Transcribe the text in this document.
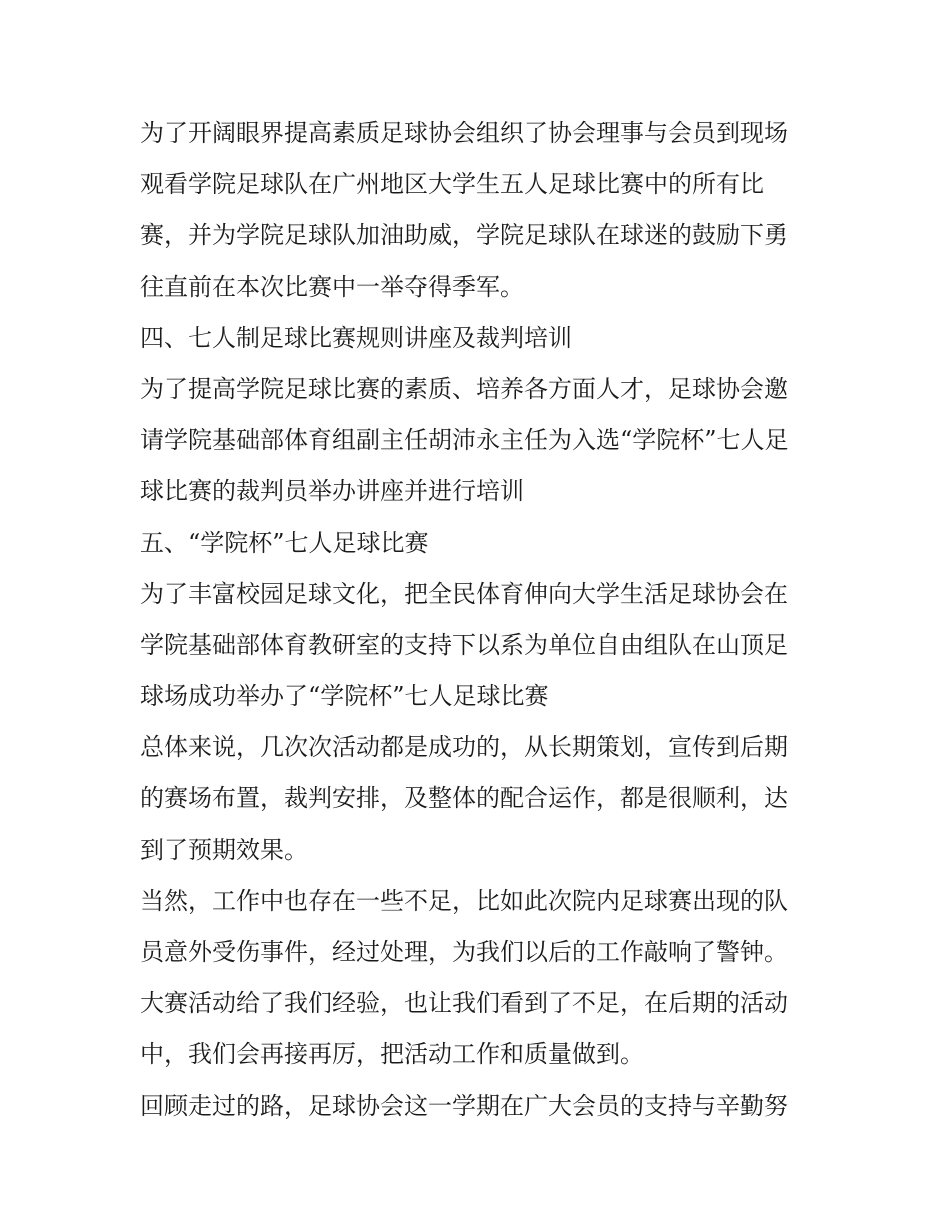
为了开阔眼界提高素质足球协会组织了协会理事与会员到现场
观看学院足球队在广州地区大学生五人足球比赛中的所有比
赛，并为学院足球队加油助威，学院足球队在球迷的鼓励下勇
往直前在本次比赛中一举夺得季军。
四、七人制足球比赛规则讲座及裁判培训
为了提高学院足球比赛的素质、培养各方面人才，足球协会邀
请学院基础部体育组副主任胡沛永主任为入选“学院杯”七人足
球比赛的裁判员举办讲座并进行培训
五、“学院杯”七人足球比赛
为了丰富校园足球文化，把全民体育伸向大学生活足球协会在
学院基础部体育教研室的支持下以系为单位自由组队在山顶足
球场成功举办了“学院杯”七人足球比赛
总体来说，几次次活动都是成功的，从长期策划，宣传到后期
的赛场布置，裁判安排，及整体的配合运作，都是很顺利，达
到了预期效果。
当然，工作中也存在一些不足，比如此次院内足球赛出现的队
员意外受伤事件，经过处理，为我们以后的工作敲响了警钟。
大赛活动给了我们经验，也让我们看到了不足，在后期的活动
中，我们会再接再厉，把活动工作和质量做到。
回顾走过的路，足球协会这一学期在广大会员的支持与辛勤努
